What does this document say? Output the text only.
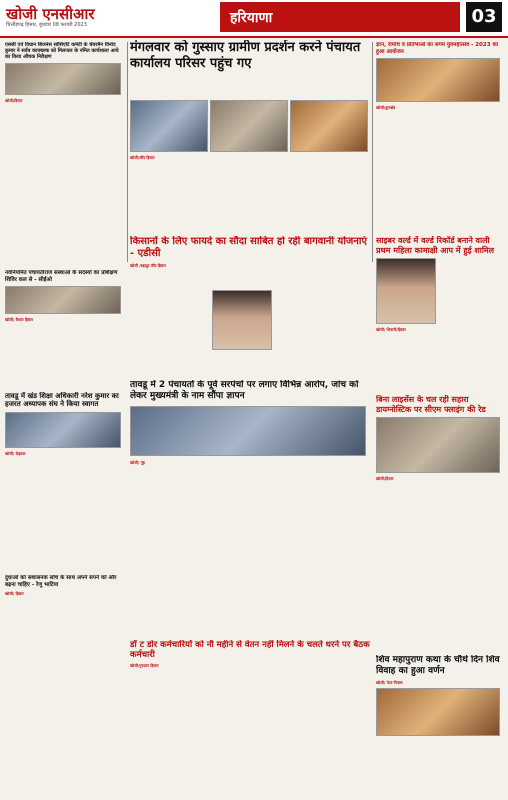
खोजी एनसीआर
चित्तौड़गढ़ हिसार, बुधवार 08 फरवरी 2023	हरियाणा	03
एससी एवं विधान बिजनेस सोसिएटि कमेटी के चेयरमैन विनोद कुमार ने सर्वत्र कायबल्क को मिलजल के नमित कार्यशाला आये का किया औचक निरीक्षण
खोजी/हिसार
मंगलवार को गुस्साए ग्रामीण प्रदर्शन करने पंचायत कार्यालय परिसर पहुंच गए
खोजी/जींद हिसार
ज्ञान, रोमांच व प्रतिभाओं का संगम युवमहोत्सव - 2023 का हुआ आयोजन
खोजी/कुरुक्षेत्र
नवनियमित पंचायतीराज संस्थाओं के सदस्यों का प्रशिक्षण शिविर कल से - सीईओ
खोजी/ कैथल हिसार
तावडू में खंड शिक्षा अधिकारी नरेश कुमार का हजरत अध्यापक संघ ने किया स्वागत
खोजी/ रोहतक
किसानों के लिए फायदे का सौदा साबित हो रही बागवानी योजनाएं - एडीसी
खोजी /बहादुर जींद हिसार
साइबर वर्ल्ड में वर्ल्ड रिकॉर्ड बनाने वाली प्रथम महिला कामाक्षी आप में हुई शामिल
खोजी/ भिवानी/हिसार
तावडू में 2 पंचायतों के पूर्व सरपंचों पर लगाए विभिन्न आरोप, जांच को लेकर मुख्यमंत्री के नाम सौंपा ज्ञापन
खोजी/ नूंह
बिना लाइसेंस के चल रही सहारा डायग्नोस्टिक पर सीएम फ्लाइंग की रेड
खोजी/हिसार
दुधाओं को सशासनक सोच के साथ अपने सपने को और बढ़ना चाहिए - रेणु भाटिया
खोजी/ हिसार
डॉ ट डोर कर्मचारियों को नौ महीने से वेतन नहीं मिलने के चलते धरने पर बैठक कर्मचारी
खोजी/गुरुग्राम हिसार
शिव महापुराण कथा के चौथे दिन शिव विवाह का हुआ वर्णन
खोजी/ पेटर-निवास
